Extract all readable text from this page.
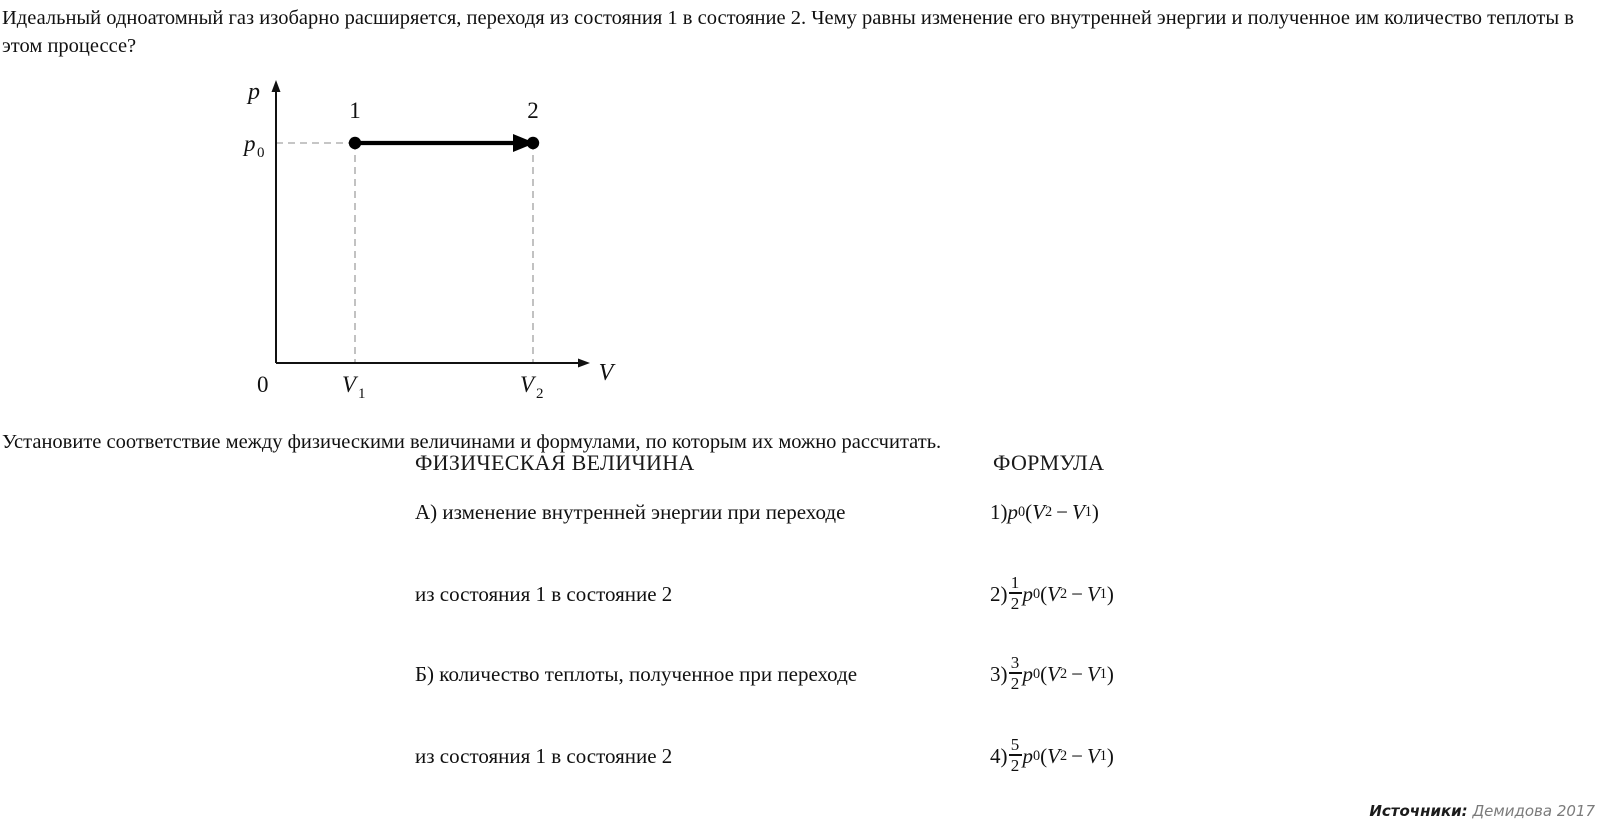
Идеальный одноатомный газ изобарно расширяется, переходя из состояния 1 в состояние 2. Чему равны изменение его внутренней энергии и полученное им количество теплоты в этом процессе?
1	2
p
V
p 0
0	V 1	V 2
Установите соответствие между физическими величинами и формулами, по которым их можно рассчитать.
ФИЗИЧЕСКАЯ ВЕЛИЧИНА	ФОРМУЛА
А) изменение внутренней энергии при переходе	1) p 0 ( V 2 − V 1 )
из состояния 1 в состояние 2	$2) \frac{1}{2}$ p 0 ( V 2 − V 1 )
Б) количество теплоты, полученное при переходе	$3) \frac{3}{2}$ p 0 ( V 2 − V 1 )
из состояния 1 в состояние 2	$4) \frac{5}{2}$ p 0 ( V 2 − V 1 )
Источники: Демидова 2017
